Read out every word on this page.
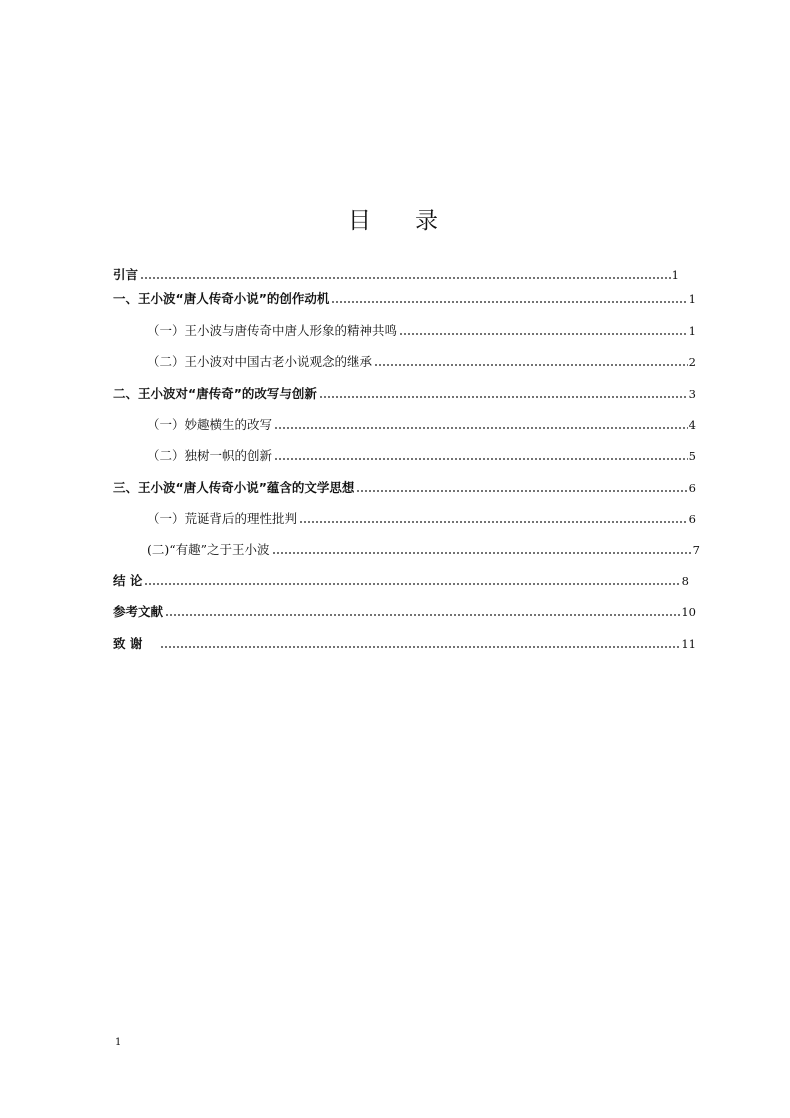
目录
引言	1
一、王小波“唐人传奇小说”的创作动机	1
（一）王小波与唐传奇中唐人形象的精神共鸣	1
（二）王小波对中国古老小说观念的继承	2
二、王小波对“唐传奇”的改写与创新	3
（一）妙趣横生的改写	4
（二）独树一帜的创新	5
三、王小波“唐人传奇小说”蕴含的文学思想	6
（一）荒诞背后的理性批判	6
(二)“有趣”之于王小波	7
结 论	8
参考文献	10
致 谢	11
1
